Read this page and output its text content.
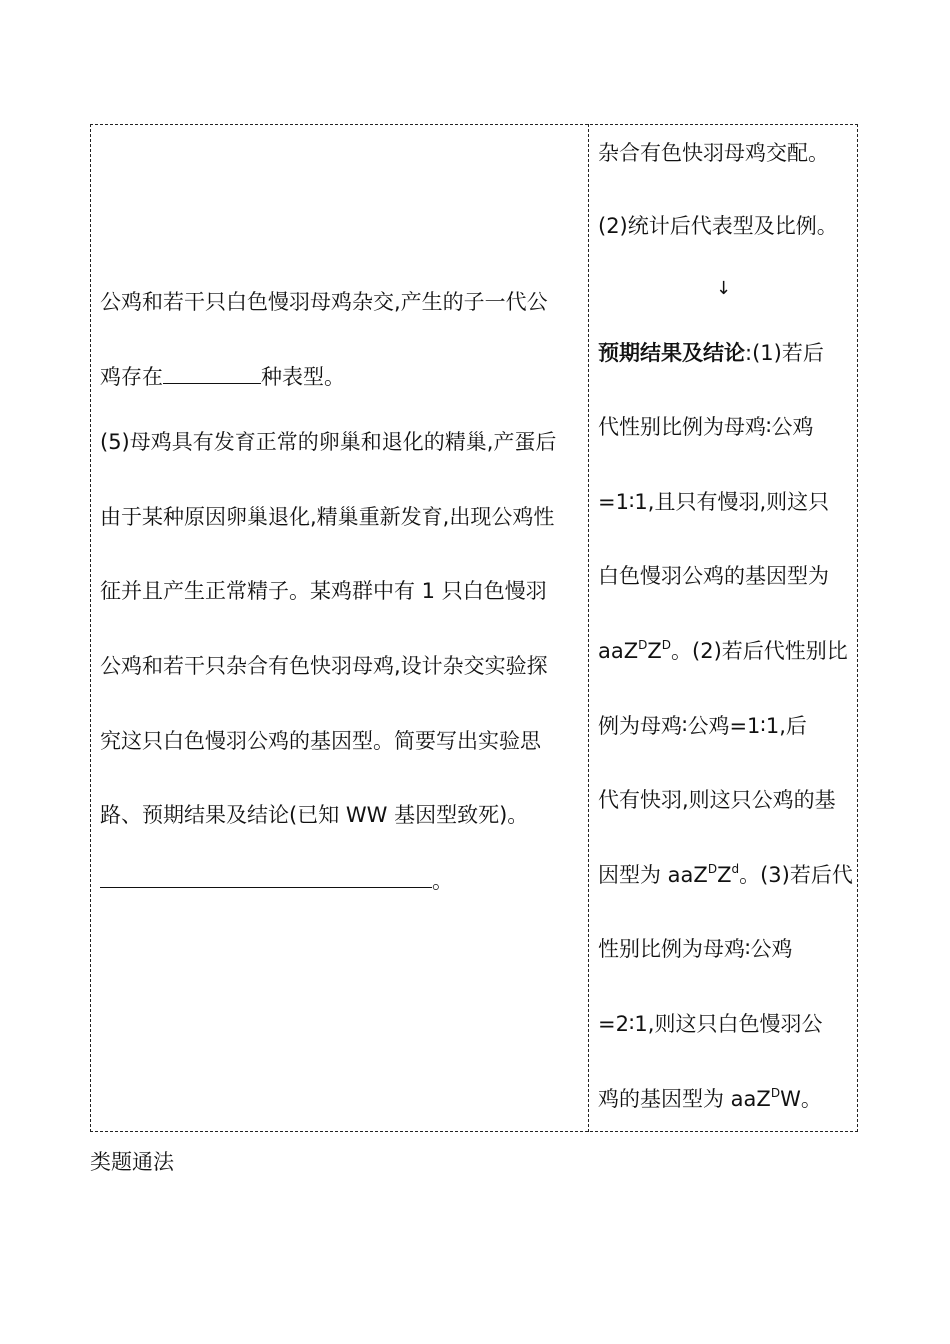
公鸡和若干只白色慢羽母鸡杂交,产生的子一代公
鸡存在	种表型。
(5)母鸡具有发育正常的卵巢和退化的精巢,产蛋后
由于某种原因卵巢退化,精巢重新发育,出现公鸡性
征并且产生正常精子。某鸡群中有 1 只白色慢羽
公鸡和若干只杂合有色快羽母鸡,设计杂交实验探
究这只白色慢羽公鸡的基因型。简要写出实验思
路、预期结果及结论(已知 WW 基因型致死)。
。
杂合有色快羽母鸡交配。
(2)统计后代表型及比例。
↓
预期结果及结论:(1)若后
代性别比例为母鸡∶公鸡
=1∶1,且只有慢羽,则这只
白色慢羽公鸡的基因型为
$aaZ^DZ^D$。(2)若后代性别比
例为母鸡∶公鸡=1∶1,后
代有快羽,则这只公鸡的基
因型为 $aaZ^DZ^d$。(3)若后代
性别比例为母鸡∶公鸡
=2∶1,则这只白色慢羽公
鸡的基因型为 aaZ$^D$W。
类题通法
